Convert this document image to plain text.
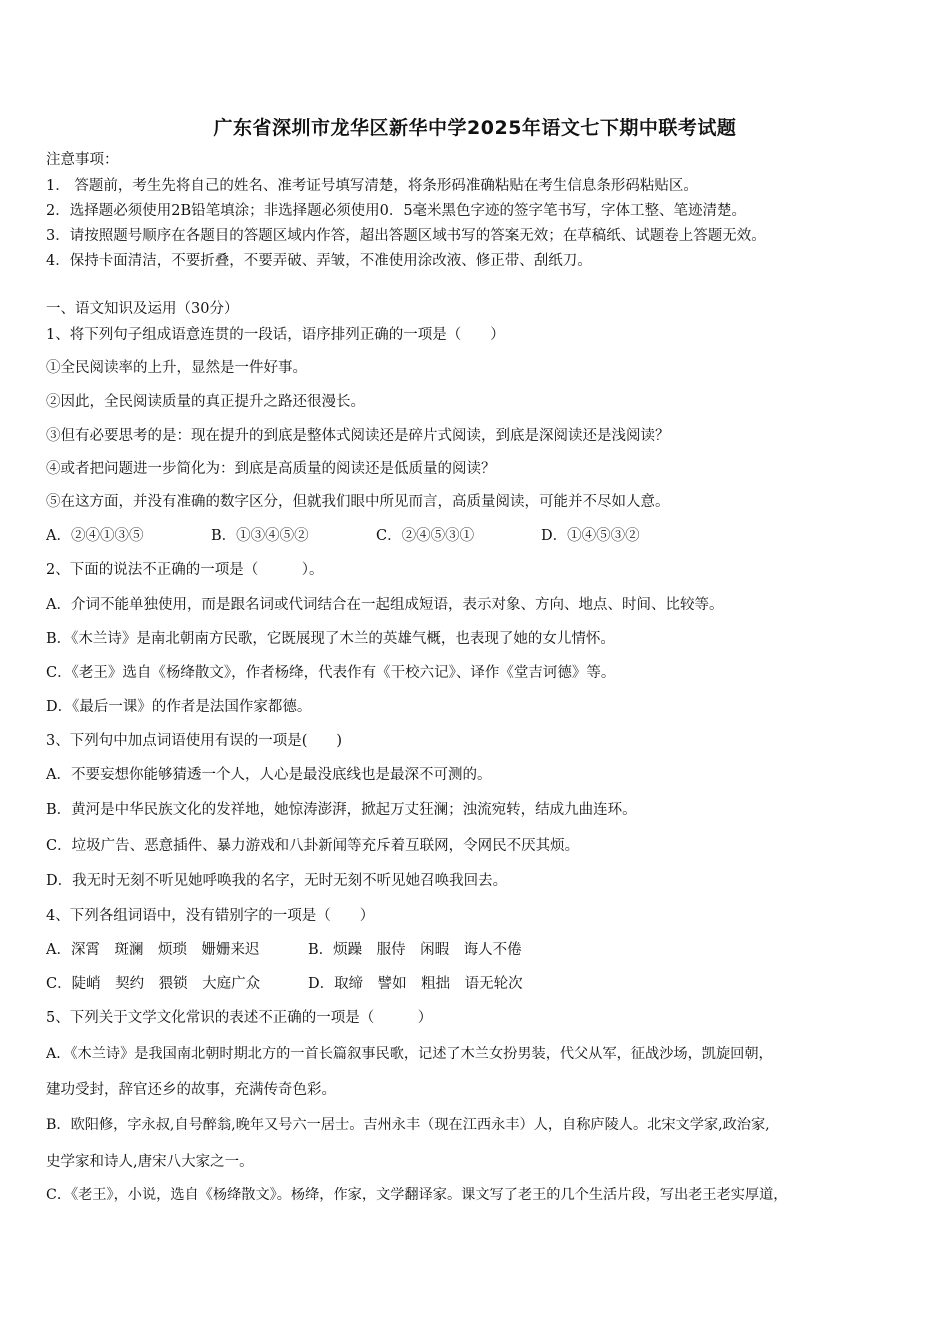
广东省深圳市龙华区新华中学2025年语文七下期中联考试题
注意事项：
1． 答题前，考生先将自己的姓名、准考证号填写清楚，将条形码准确粘贴在考生信息条形码粘贴区。
2．选择题必须使用2B铅笔填涂；非选择题必须使用0．5毫米黑色字迹的签字笔书写，字体工整、笔迹清楚。
3．请按照题号顺序在各题目的答题区域内作答，超出答题区域书写的答案无效；在草稿纸、试题卷上答题无效。
4．保持卡面清洁，不要折叠，不要弄破、弄皱，不准使用涂改液、修正带、刮纸刀。
一、语文知识及运用（30分）
1、将下列句子组成语意连贯的一段话，语序排列正确的一项是（　　）
①全民阅读率的上升，显然是一件好事。
②因此，全民阅读质量的真正提升之路还很漫长。
③但有必要思考的是：现在提升的到底是整体式阅读还是碎片式阅读，到底是深阅读还是浅阅读？
④或者把问题进一步简化为：到底是高质量的阅读还是低质量的阅读？
⑤在这方面，并没有准确的数字区分，但就我们眼中所见而言，高质量阅读，可能并不尽如人意。
A．②④①③⑤	B．①③④⑤②	C．②④⑤③①	D．①④⑤③②
2、下面的说法不正确的一项是（　　　）。
A．介词不能单独使用，而是跟名词或代词结合在一起组成短语，表示对象、方向、地点、时间、比较等。
B．《木兰诗》是南北朝南方民歌，它既展现了木兰的英雄气概，也表现了她的女儿情怀。
C．《老王》选自《杨绛散文》，作者杨绛，代表作有《干校六记》、译作《堂吉诃德》等。
D．《最后一课》的作者是法国作家都德。
3、下列句中加点词语使用有误的一项是(　　)
A．不要妄想你能够猜透一个人，人心是最没底线也是最深不可测的。
B．黄河是中华民族文化的发祥地，她惊涛澎湃，掀起万丈狂澜；浊流宛转，结成九曲连环。
C．垃圾广告、恶意插件、暴力游戏和八卦新闻等充斥着互联网，令网民不厌其烦。
D．我无时无刻不听见她呼唤我的名字，无时无刻不听见她召唤我回去。
4、下列各组词语中，没有错别字的一项是（　　）
A．深霄　斑澜　烦琐　姗姗来迟	B．烦躁　服侍　闲暇　诲人不倦
C．陡峭　契约　猥锁　大庭广众	D．取缔　譬如　粗拙　语无轮次
5、下列关于文学文化常识的表述不正确的一项是（　　　）
A．《木兰诗》是我国南北朝时期北方的一首长篇叙事民歌，记述了木兰女扮男装，代父从军，征战沙场，凯旋回朝，
建功受封，辞官还乡的故事，充满传奇色彩。
B．欧阳修，字永叔,自号醉翁,晚年又号六一居士。吉州永丰（现在江西永丰）人，自称庐陵人。北宋文学家,政治家,
史学家和诗人,唐宋八大家之一。
C．《老王》，小说，选自《杨绛散文》。杨绛，作家，文学翻译家。课文写了老王的几个生活片段，写出老王老实厚道，
